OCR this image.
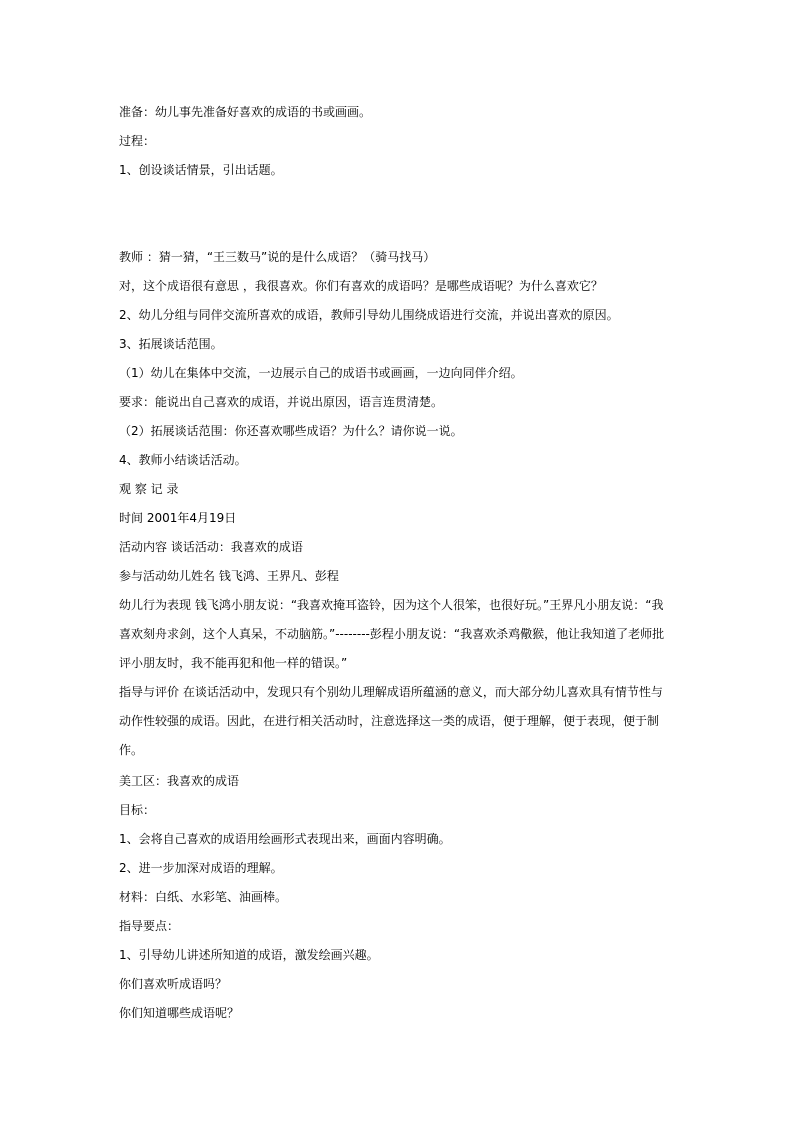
准备：幼儿事先准备好喜欢的成语的书或画画。
过程：
1、创设谈话情景，引出话题。
教师 ：猜一猜，“王三数马”说的是什么成语？（骑马找马）
对，这个成语很有意思 ，我很喜欢。你们有喜欢的成语吗？是哪些成语呢？为什么喜欢它？
2、幼儿分组与同伴交流所喜欢的成语，教师引导幼儿围绕成语进行交流，并说出喜欢的原因。
3、拓展谈话范围。
（1）幼儿在集体中交流，一边展示自己的成语书或画画，一边向同伴介绍。
要求：能说出自己喜欢的成语，并说出原因，语言连贯清楚。
（2）拓展谈话范围：你还喜欢哪些成语？为什么？请你说一说。
4、教师小结谈话活动。
观 察 记 录
时间 2001年4月19日
活动内容 谈话活动：我喜欢的成语
参与活动幼儿姓名 钱飞鸿、王界凡、彭程
幼儿行为表现 钱飞鸿小朋友说：“我喜欢掩耳盗铃，因为这个人很笨，也很好玩。”王界凡小朋友说：“我喜欢刻舟求剑，这个人真呆，不动脑筋。”--------彭程小朋友说：“我喜欢杀鸡儆猴，他让我知道了老师批评小朋友时，我不能再犯和他一样的错误。”
指导与评价 在谈话活动中，发现只有个别幼儿理解成语所蕴涵的意义，而大部分幼儿喜欢具有情节性与动作性较强的成语。因此，在进行相关活动时，注意选择这一类的成语，便于理解，便于表现，便于制作。
美工区：我喜欢的成语
目标：
1、会将自己喜欢的成语用绘画形式表现出来，画面内容明确。
2、进一步加深对成语的理解。
材料：白纸、水彩笔、油画棒。
指导要点：
1、引导幼儿讲述所知道的成语，激发绘画兴趣。
你们喜欢听成语吗？
你们知道哪些成语呢？
